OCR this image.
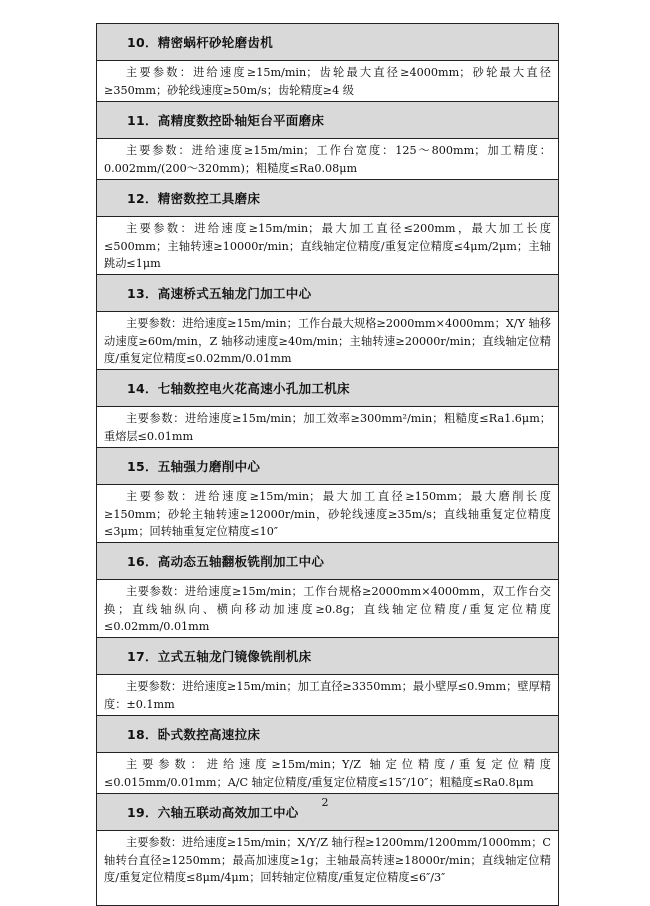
10．精密蜗杆砂轮磨齿机

主要参数：进给速度≥15m/min；齿轮最大直径≥4000mm；砂轮最大直径≥350mm；砂轮线速度≥50m/s；齿轮精度≥4 级

11．高精度数控卧轴矩台平面磨床

主要参数：进给速度≥15m/min；工作台宽度：125～800mm；加工精度：0.002mm/(200～320mm)；粗糙度≤Ra0.08μm

12．精密数控工具磨床

主要参数：进给速度≥15m/min；最大加工直径≤200mm，最大加工长度≤500mm；主轴转速≥10000r/min；直线轴定位精度/重复定位精度≤4μm/2μm；主轴跳动≤1μm

13．高速桥式五轴龙门加工中心

主要参数：进给速度≥15m/min；工作台最大规格≥2000mm×4000mm；X/Y 轴移动速度≥60m/min，Z 轴移动速度≥40m/min；主轴转速≥20000r/min；直线轴定位精度/重复定位精度≤0.02mm/0.01mm

14．七轴数控电火花高速小孔加工机床

主要参数：进给速度≥15m/min；加工效率≥300mm²/min；粗糙度≤Ra1.6μm；重熔层≤0.01mm

15．五轴强力磨削中心

主要参数：进给速度≥15m/min；最大加工直径≥150mm；最大磨削长度≥150mm；砂轮主轴转速≥12000r/min，砂轮线速度≥35m/s；直线轴重复定位精度≤3μm；回转轴重复定位精度≤10″

16．高动态五轴翻板铣削加工中心

主要参数：进给速度≥15m/min；工作台规格≥2000mm×4000mm，双工作台交换；直线轴纵向、横向移动加速度≥0.8g；直线轴定位精度/重复定位精度≤0.02mm/0.01mm

17．立式五轴龙门镜像铣削机床

主要参数：进给速度≥15m/min；加工直径≥3350mm；最小壁厚≤0.9mm；壁厚精度：±0.1mm

18．卧式数控高速拉床

主要参数：进给速度≥15m/min；Y/Z 轴定位精度/重复定位精度≤0.015mm/0.01mm；A/C 轴定位精度/重复定位精度≤15″/10″；粗糙度≤Ra0.8μm

19．六轴五联动高效加工中心

主要参数：进给速度≥15m/min；X/Y/Z 轴行程≥1200mm/1200mm/1000mm；C 轴转台直径≥1250mm；最高加速度≥1g；主轴最高转速≥18000r/min；直线轴定位精度/重复定位精度≤8μm/4μm；回转轴定位精度/重复定位精度≤6″/3″

2
